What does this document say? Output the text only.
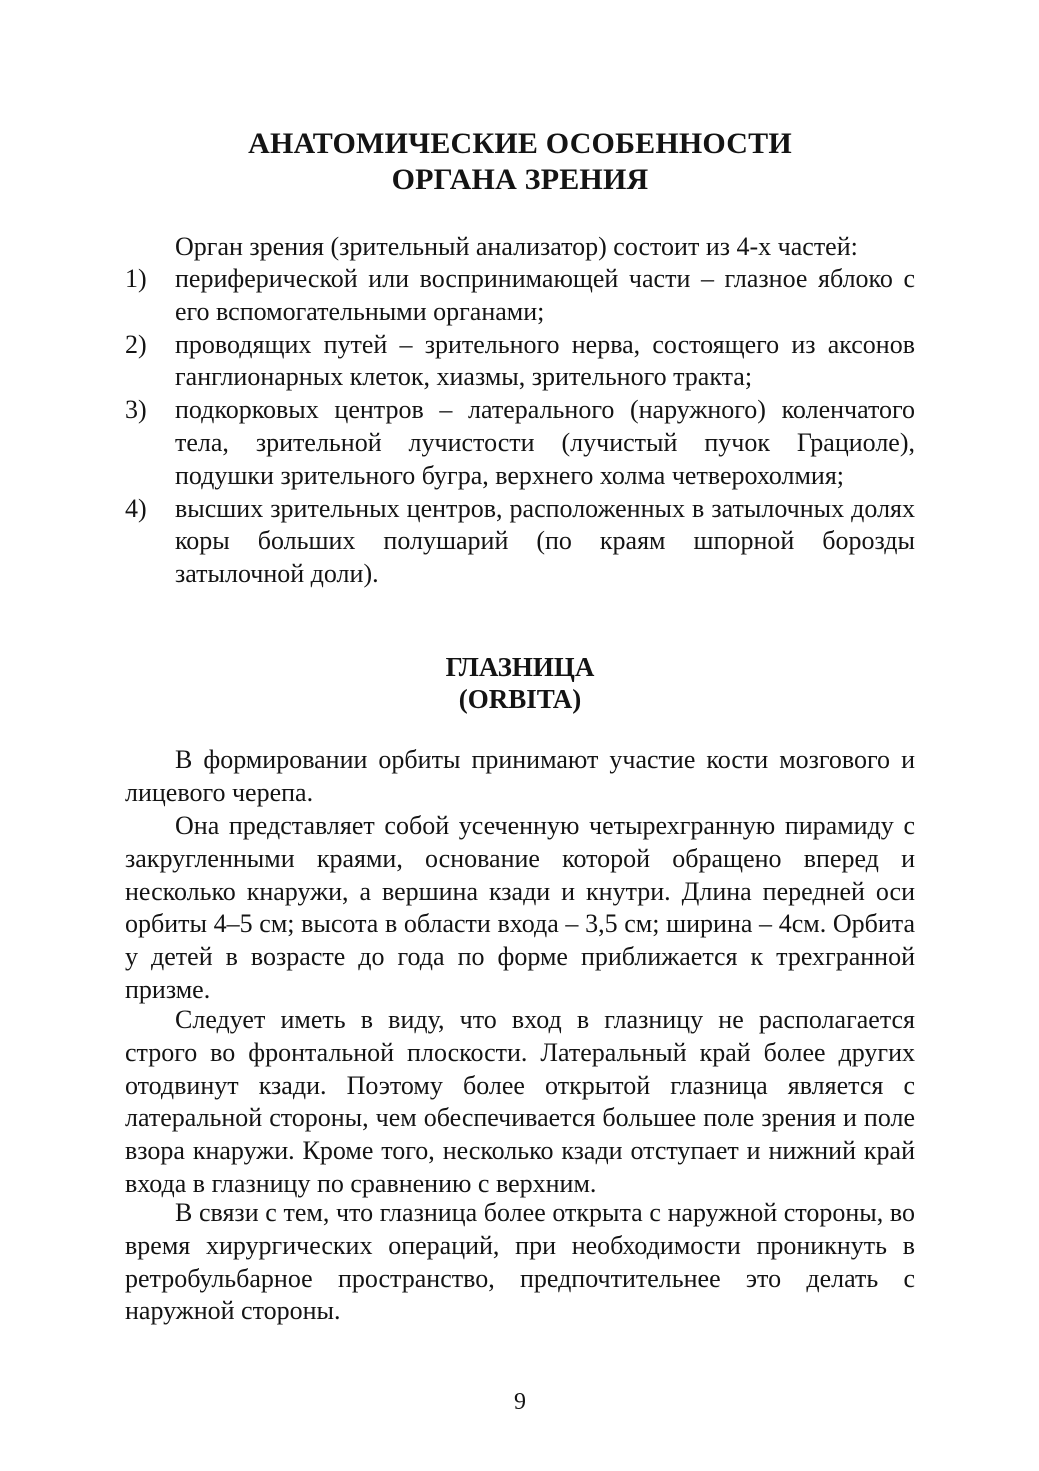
АНАТОМИЧЕСКИЕ ОСОБЕННОСТИ
ОРГАНА ЗРЕНИЯ

Орган зрения (зрительный анализатор) состоит из 4-х частей:

1) периферической или воспринимающей части – глазное яблоко с его вспомогательными органами;
2) проводящих путей – зрительного нерва, состоящего из аксонов ганглионарных клеток, хиазмы, зрительного тракта;
3) подкорковых центров – латерального (наружного) коленчатого тела, зрительной лучистости (лучистый пучок Грациоле), подушки зрительного бугра, верхнего холма четверохолмия;
4) высших зрительных центров, расположенных в затылочных долях коры больших полушарий (по краям шпорной борозды затылочной доли).
ГЛАЗНИЦА
(ORBITA)

В формировании орбиты принимают участие кости мозгового и лицевого черепа.

Она представляет собой усеченную четырехгранную пирамиду с закругленными краями, основание которой обращено вперед и несколько кнаружи, а вершина кзади и кнутри. Длина передней оси орбиты 4–5 см; высота в области входа – 3,5 см; ширина – 4см. Орбита у детей в возрасте до года по форме приближается к трехгранной призме.

Следует иметь в виду, что вход в глазницу не располагается строго во фронтальной плоскости. Латеральный край более других отодвинут кзади. Поэтому более открытой глазница является с латеральной стороны, чем обеспечивается большее поле зрения и поле взора кнаружи. Кроме того, несколько кзади отступает и нижний край входа в глазницу по сравнению с верхним.

В связи с тем, что глазница более открыта с наружной стороны, во время хирургических операций, при необходимости проникнуть в ретробульбарное пространство, предпочтительнее это делать с наружной стороны.

9
